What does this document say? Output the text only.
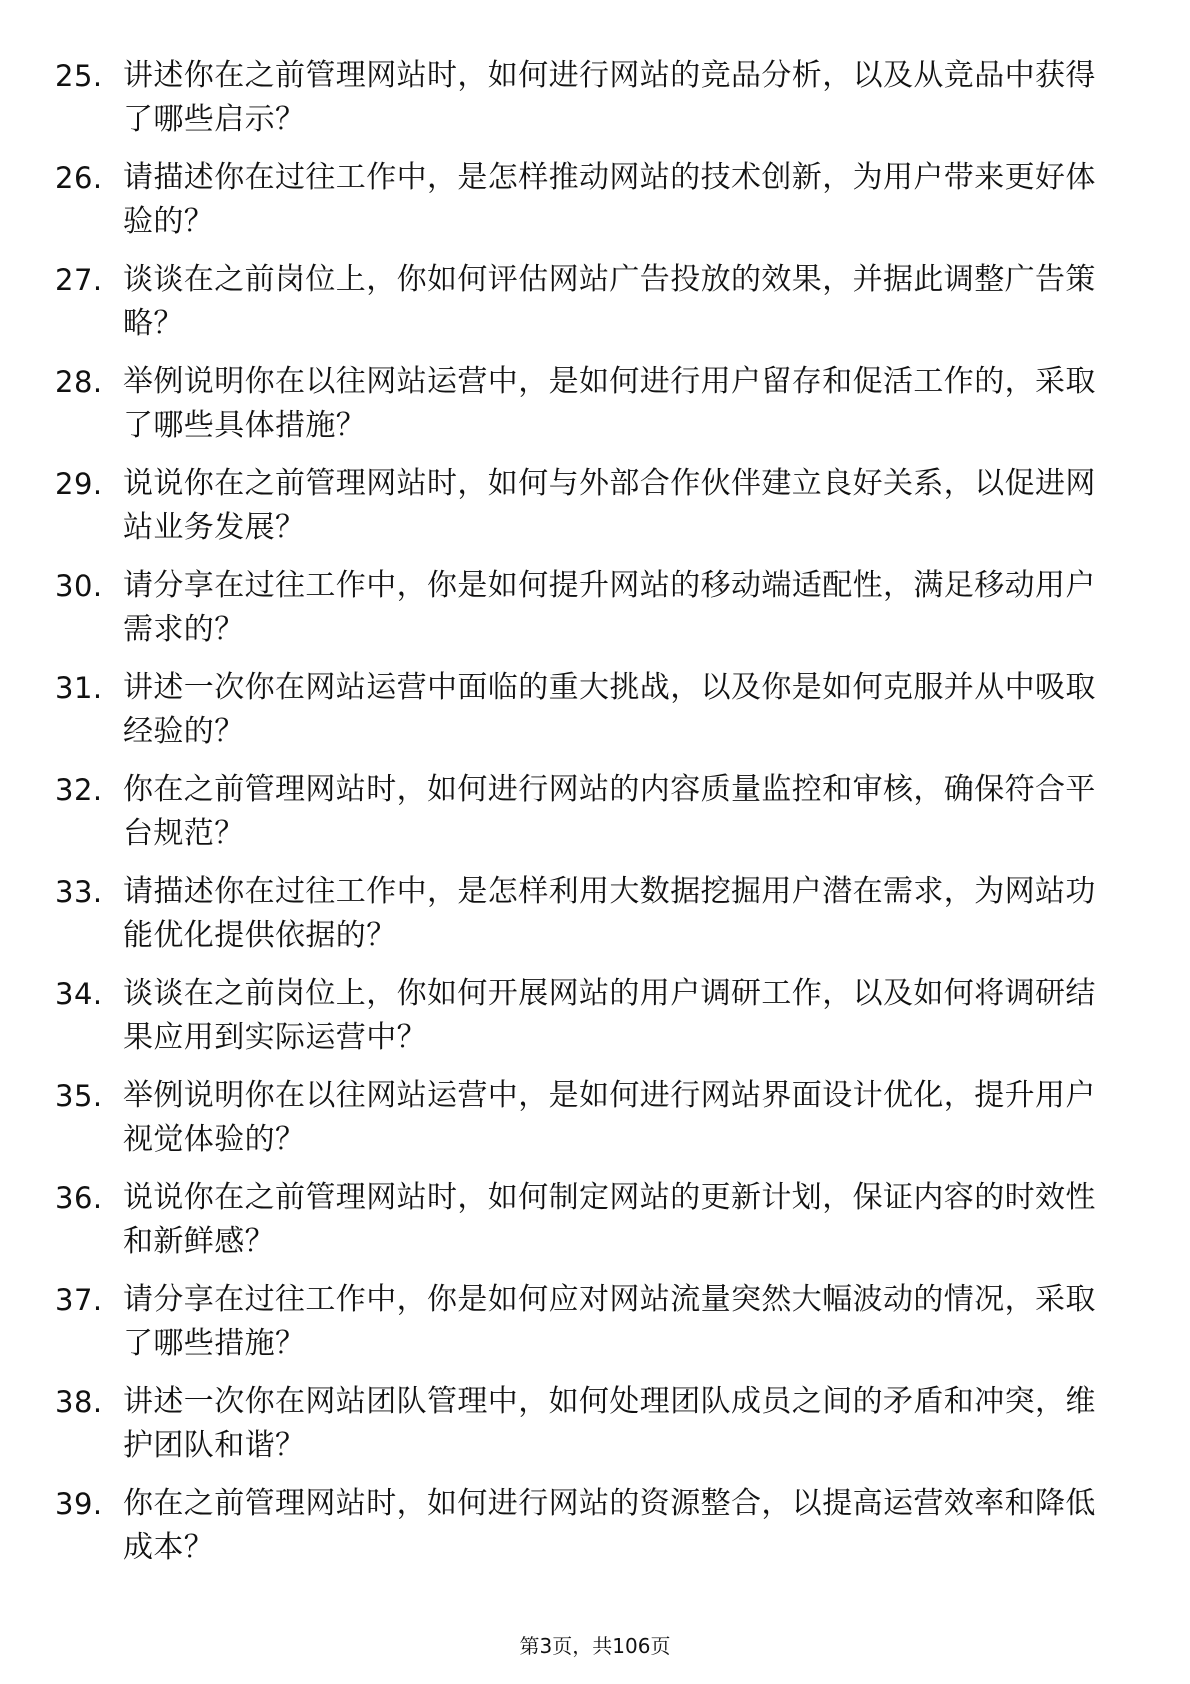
25. 讲述你在之前管理网站时，如何进行网站的竞品分析，以及从竞品中获得了哪些启示？
26. 请描述你在过往工作中，是怎样推动网站的技术创新，为用户带来更好体验的？
27. 谈谈在之前岗位上，你如何评估网站广告投放的效果，并据此调整广告策略？
28. 举例说明你在以往网站运营中，是如何进行用户留存和促活工作的，采取了哪些具体措施？
29. 说说你在之前管理网站时，如何与外部合作伙伴建立良好关系，以促进网站业务发展？
30. 请分享在过往工作中，你是如何提升网站的移动端适配性，满足移动用户需求的？
31. 讲述一次你在网站运营中面临的重大挑战，以及你是如何克服并从中吸取经验的？
32. 你在之前管理网站时，如何进行网站的内容质量监控和审核，确保符合平台规范？
33. 请描述你在过往工作中，是怎样利用大数据挖掘用户潜在需求，为网站功能优化提供依据的？
34. 谈谈在之前岗位上，你如何开展网站的用户调研工作，以及如何将调研结果应用到实际运营中？
35. 举例说明你在以往网站运营中，是如何进行网站界面设计优化，提升用户视觉体验的？
36. 说说你在之前管理网站时，如何制定网站的更新计划，保证内容的时效性和新鲜感？
37. 请分享在过往工作中，你是如何应对网站流量突然大幅波动的情况，采取了哪些措施？
38. 讲述一次你在网站团队管理中，如何处理团队成员之间的矛盾和冲突，维护团队和谐？
39. 你在之前管理网站时，如何进行网站的资源整合，以提高运营效率和降低成本？
第3页，共106页
